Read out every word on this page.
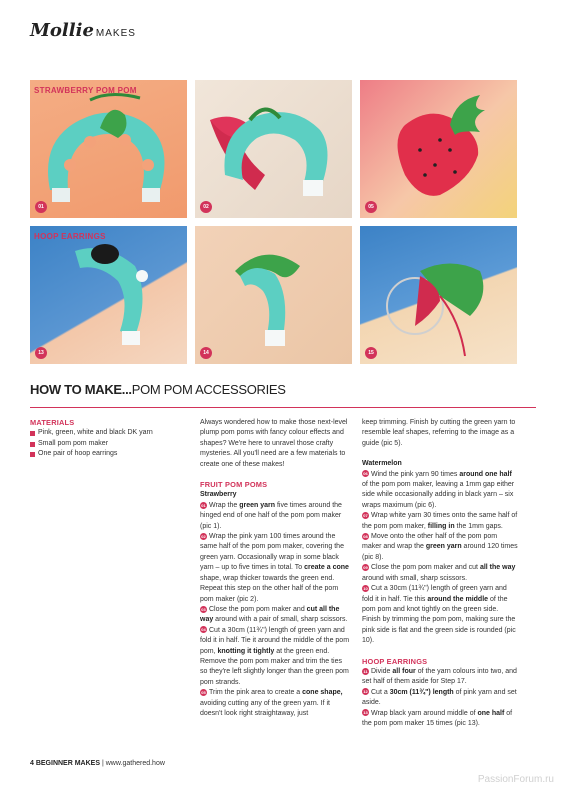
Mollie MAKES
STRAWBERRY POM POM
01	02	05
HOOP EARRINGS
13	14	15
HOW TO MAKE...POM POM ACCESSORIES
MATERIALS
Pink, green, white and black DK yarn
Small pom pom maker
One pair of hoop earrings

Always wondered how to make those next-level plump pom poms with fancy colour effects and shapes? We're here to unravel those crafty mysteries. All you'll need are a few materials to create one of these makes!

FRUIT POM POMS
Strawberry

01 Wrap the green yarn five times around the hinged end of one half of the pom pom maker (pic 1).

02 Wrap the pink yarn 100 times around the same half of the pom pom maker, covering the green yarn. Occasionally wrap in some black yarn – up to five times in total. To create a cone shape, wrap thicker towards the green end. Repeat this step on the other half of the pom pom maker (pic 2).

03 Close the pom pom maker and cut all the way around with a pair of small, sharp scissors.

04 Cut a 30cm (11¾") length of green yarn and fold it in half. Tie it around the middle of the pom pom, knotting it tightly at the green end. Remove the pom pom maker and trim the ties so they're left slightly longer than the green pom pom strands.

05 Trim the pink area to create a cone shape, avoiding cutting any of the green yarn. If it doesn't look right straightaway, just

keep trimming. Finish by cutting the green yarn to resemble leaf shapes, referring to the image as a guide (pic 5).

Watermelon

06 Wind the pink yarn 90 times around one half of the pom pom maker, leaving a 1mm gap either side while occasionally adding in black yarn – six wraps maximum (pic 6).

07 Wrap white yarn 30 times onto the same half of the pom pom maker, filling in the 1mm gaps.

08 Move onto the other half of the pom pom maker and wrap the green yarn around 120 times (pic 8).

09 Close the pom pom maker and cut all the way around with small, sharp scissors.

10 Cut a 30cm (11¾") length of green yarn and fold it in half. Tie this around the middle of the pom pom and knot tightly on the green side. Finish by trimming the pom pom, making sure the pink side is flat and the green side is rounded (pic 10).

HOOP EARRINGS

11 Divide all four of the yarn colours into two, and set half of them aside for Step 17.

12 Cut a 30cm (11¾") length of pink yarn and set aside.

13 Wrap black yarn around middle of one half of the pom pom maker 15 times (pic 13).

4 BEGINNER MAKES | www.gathered.how
PassionForum.ru
